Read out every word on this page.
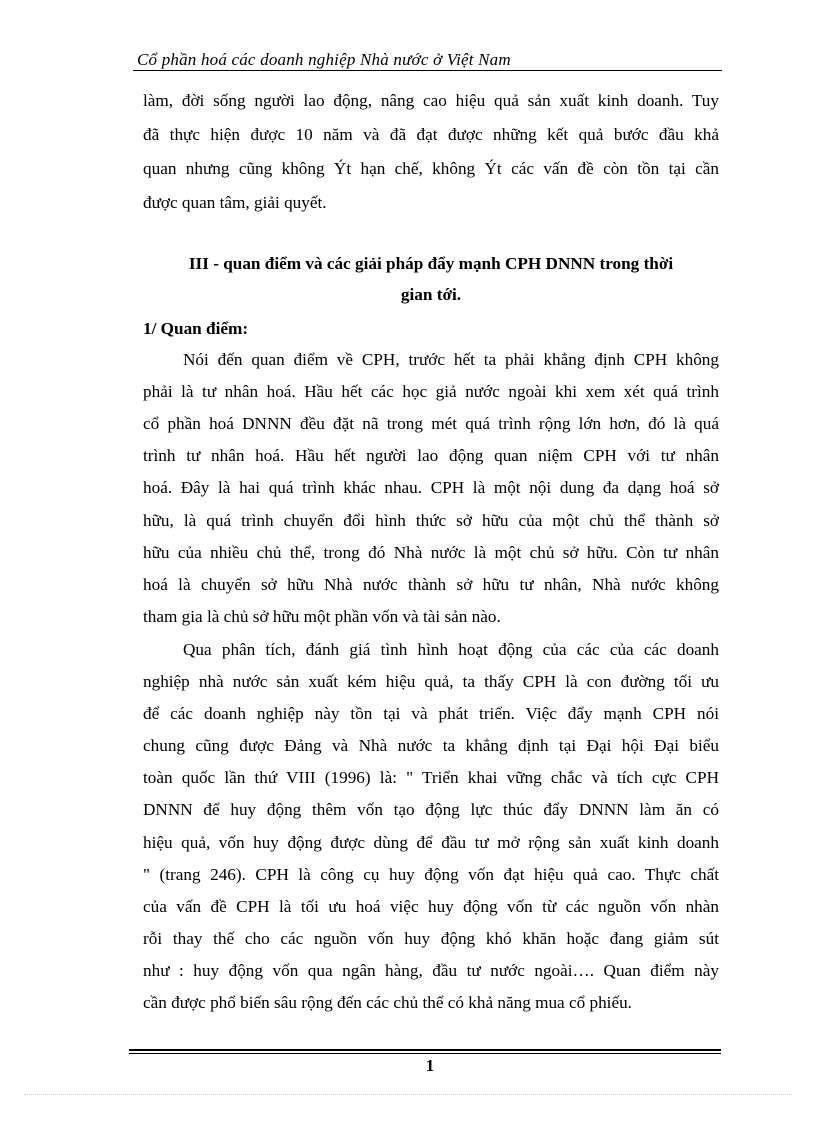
Cổ phần hoá các doanh nghiệp Nhà nước ở Việt Nam
làm, đời sống người lao động, nâng cao hiệu quả sản xuất kinh doanh. Tuy
đã thực hiện được 10 năm và đã đạt được những kết quả bước đầu khả
quan nhưng cũng không Ýt hạn chế, không Ýt các vấn đề còn tồn tại cần
được quan tâm, giải quyết.
III - quan điểm và các giải pháp đẩy mạnh CPH DNNN trong thời
gian tới.
1/ Quan điểm:
Nói đến quan điểm về CPH, trước hết ta phải khẳng định CPH không
phải là tư nhân hoá. Hầu hết các học giả nước ngoài khi xem xét quá trình
cổ phần hoá DNNN đều đặt nã trong mét quá trình rộng lớn hơn, đó là quá
trình tư nhân hoá. Hầu hết người lao động quan niệm CPH với tư nhân
hoá. Đây là hai quá trình khác nhau. CPH là một nội dung đa dạng hoá sở
hữu, là quá trình chuyển đổi hình thức sở hữu của một chủ thể thành sở
hữu của nhiều chủ thể, trong đó Nhà nước là một chủ sở hữu. Còn tư nhân
hoá là chuyển sở hữu Nhà nước thành sở hữu tư nhân, Nhà nước không
tham gia là chủ sở hữu một phần vốn và tài sản nào.
Qua phân tích, đánh giá tình hình hoạt động của các của các doanh
nghiệp nhà nước sản xuất kém hiệu quả, ta thấy CPH là con đường tối ưu
để các doanh nghiệp này tồn tại và phát triển. Việc đẩy mạnh CPH nói
chung cũng được Đảng và Nhà nước ta khẳng định tại Đại hội Đại biểu
toàn quốc lần thứ VIII (1996) là: " Triển khai vững chắc và tích cực CPH
DNNN để huy động thêm vốn tạo động lực thúc đẩy DNNN làm ăn có
hiệu quả, vốn huy động được dùng để đầu tư mở rộng sản xuất kinh doanh
" (trang 246). CPH là công cụ huy động vốn đạt hiệu quả cao. Thực chất
của vấn đề CPH là tối ưu hoá việc huy động vốn từ các nguồn vốn nhàn
rỗi thay thế cho các nguồn vốn huy động khó khăn hoặc đang giảm sút
như : huy động vốn qua ngân hàng, đầu tư nước ngoài…. Quan điểm này
cần được phổ biến sâu rộng đến các chủ thể có khả năng mua cổ phiếu.
1
